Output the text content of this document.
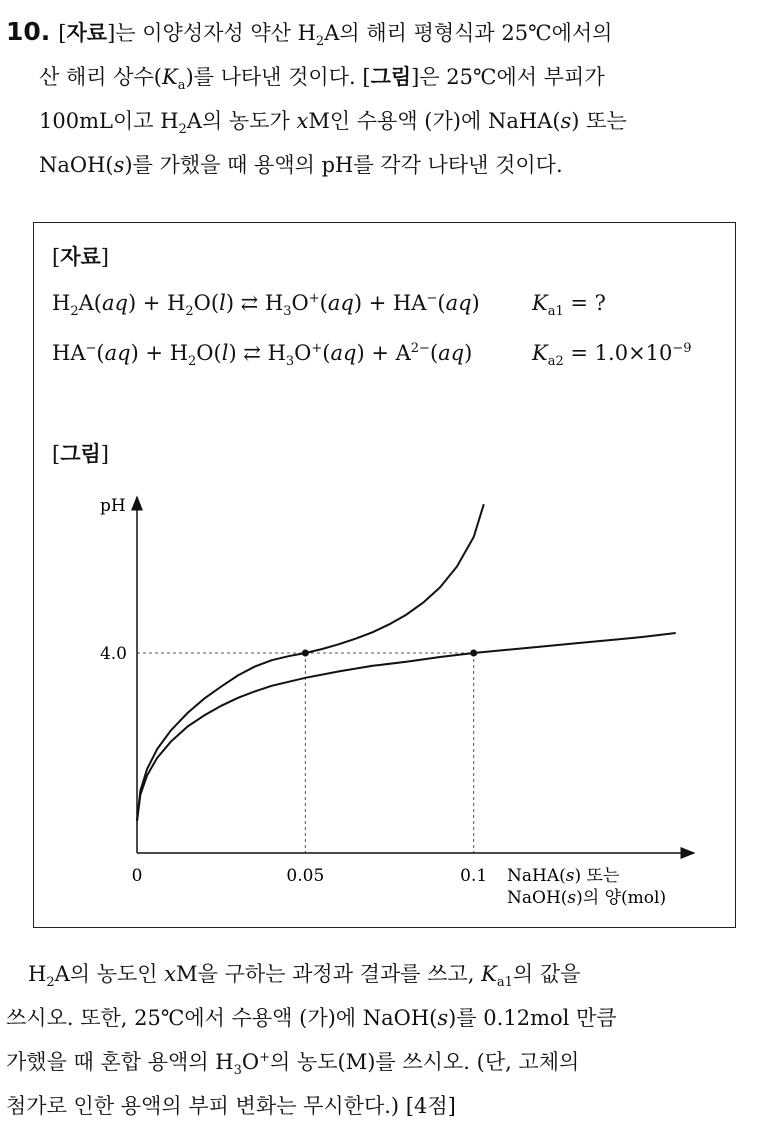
10. [자료]는 이양성자성 약산 $H_2A$의 해리 평형식과 25℃에서의
산 해리 상수$(K_a)$를 나타낸 것이다. [그림]은 25℃에서 부피가
100mL이고 $H_2A$의 농도가 xM인 수용액 (가)에 NaHA(s) 또는
NaOH(s)를 가했을 때 용액의 pH를 각각 나타낸 것이다.
[자료]
$H_2A(aq) + H_2O(l)$ ⇄ $H_3O^+(aq) + HA^-(aq) K_{a1}$ = ?
$HA^-(aq) + H_2O(l)$ ⇄ $H_3O^+(aq) + A^{2-}(aq)$	$K_{a2} = 1.0\times 10^{-9}$
[그림]
pH
0	0.05	0.1
4.0
NaHA(s) 또는
NaOH(s)의 양(mol)
$H_2A$의 농도인 xM을 구하는 과정과 결과를 쓰고, $K_{a1}$의 값을
쓰시오. 또한, 25℃에서 수용액 (가)에 NaOH(s)를 0.12mol 만큼
가했을 때 혼합 용액의 $H_3O^+$의 농도(M)를 쓰시오. (단, 고체의
첨가로 인한 용액의 부피 변화는 무시한다.) [4점]
